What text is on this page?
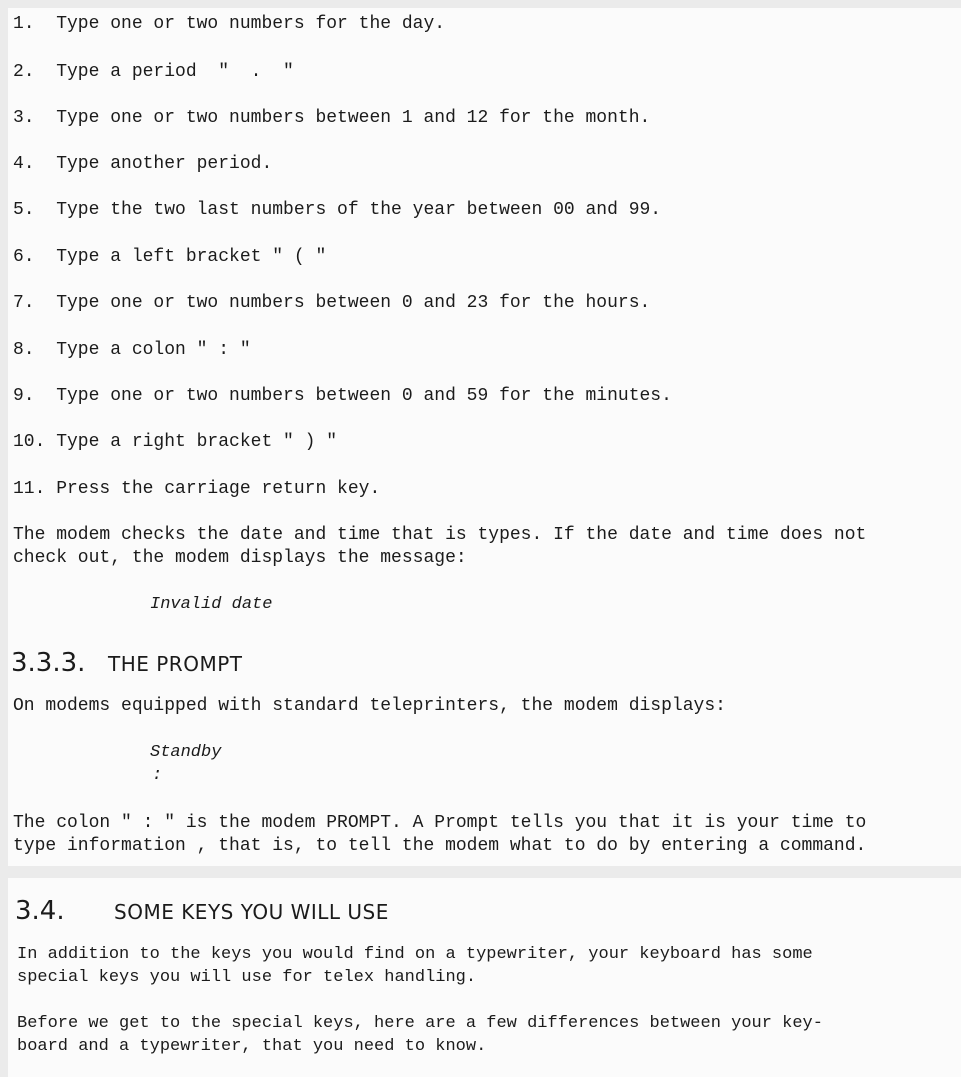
1.  Type one or two numbers for the day.
2.  Type a period  "  .  "
3.  Type one or two numbers between 1 and 12 for the month.
4.  Type another period.
5.  Type the two last numbers of the year between 00 and 99.
6.  Type a left bracket " ( "
7.  Type one or two numbers between 0 and 23 for the hours.
8.  Type a colon " : "
9.  Type one or two numbers between 0 and 59 for the minutes.
10. Type a right bracket " ) "
11. Press the carriage return key.
The modem checks the date and time that is types. If the date and time does not
check out, the modem displays the message:
Invalid date
3.3.3. THE PROMPT
On modems equipped with standard teleprinters, the modem displays:
Standby
:
The colon " : " is the modem PROMPT. A Prompt tells you that it is your time to
type information , that is, to tell the modem what to do by entering a command.
3.4. SOME KEYS YOU WILL USE
In addition to the keys you would find on a typewriter, your keyboard has some
special keys you will use for telex handling.
Before we get to the special keys, here are a few differences between your key-
board and a typewriter, that you need to know.
